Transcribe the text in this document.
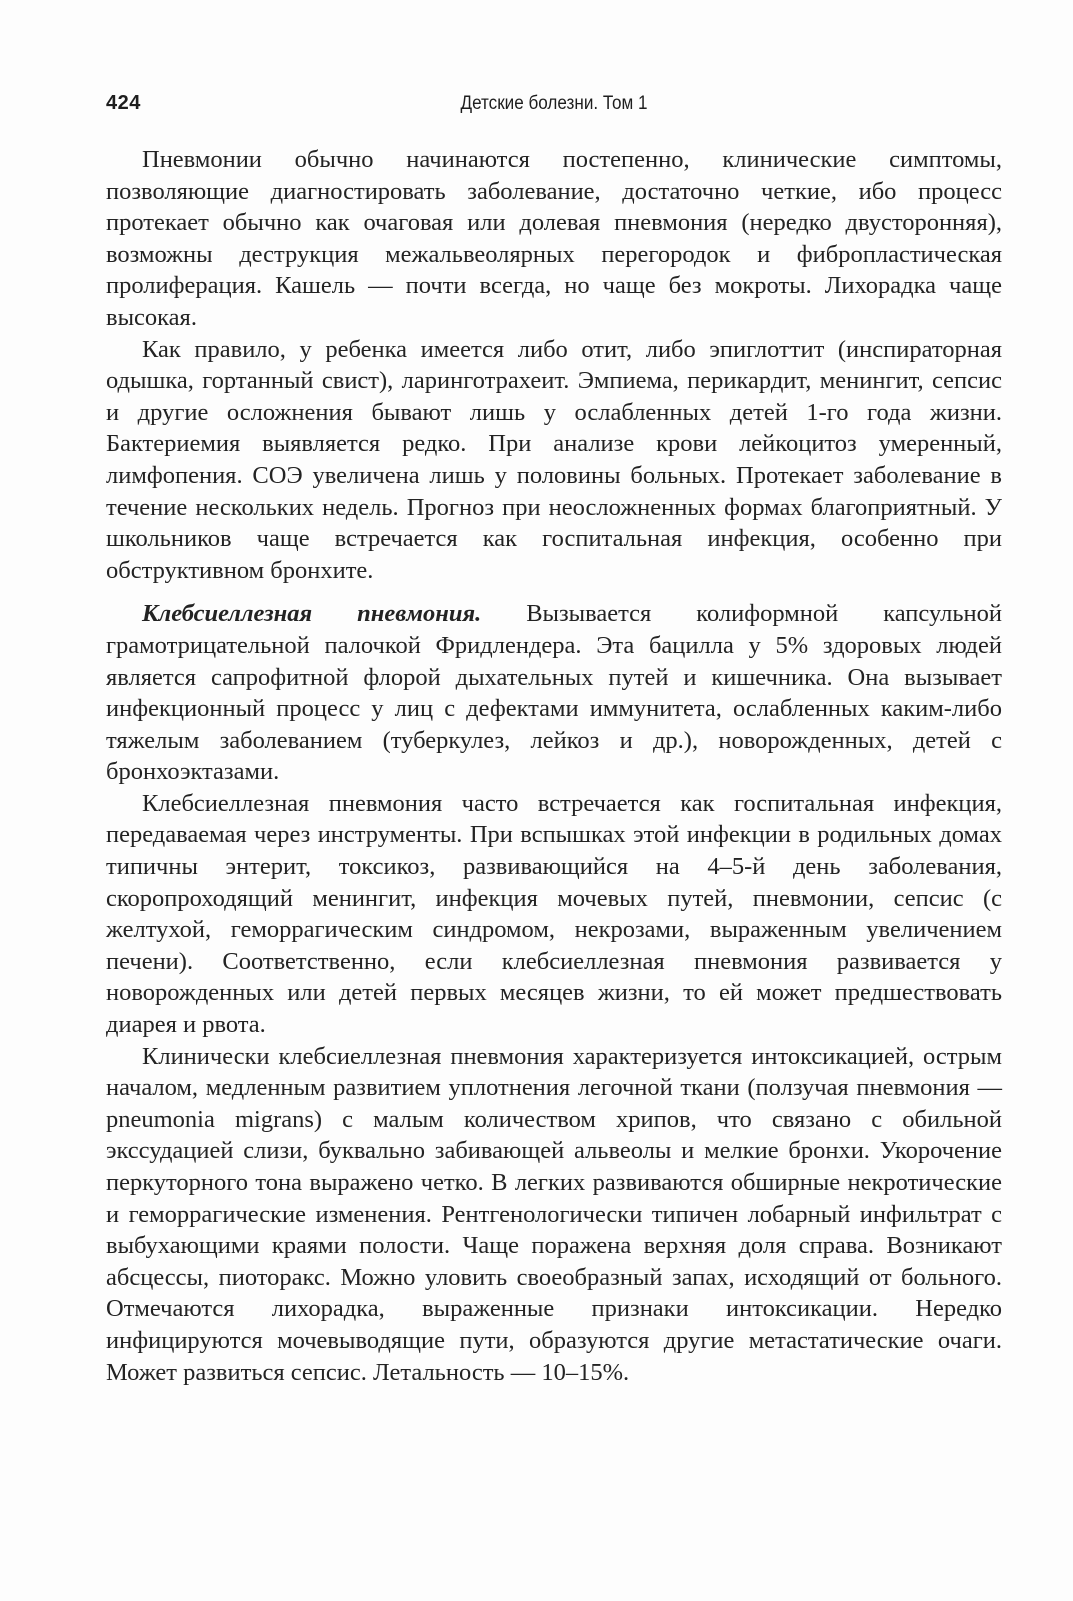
424	Детские болезни. Том 1

Пневмонии обычно начинаются постепенно, клинические симптомы, позволяющие диагностировать заболевание, достаточно четкие, ибо процесс протекает обычно как очаговая или долевая пневмония (нередко двусторонняя), возможны деструкция межальвеолярных перегородок и фибропластическая пролиферация. Кашель — почти всегда, но чаще без мокроты. Лихорадка чаще высокая.

Как правило, у ребенка имеется либо отит, либо эпиглоттит (инспираторная одышка, гортанный свист), ларинготрахеит. Эмпиема, перикардит, менингит, сепсис и другие осложнения бывают лишь у ослабленных детей 1-го года жизни. Бактериемия выявляется редко. При анализе крови лейкоцитоз умеренный, лимфопения. СОЭ увеличена лишь у половины больных. Протекает заболевание в течение нескольких недель. Прогноз при неосложненных формах благоприятный. У школьников чаще встречается как госпитальная инфекция, особенно при обструктивном бронхите.

Клебсиеллезная пневмония. Вызывается колиформной капсульной грамотрицательной палочкой Фридлендера. Эта бацилла у 5% здоровых людей является сапрофитной флорой дыхательных путей и кишечника. Она вызывает инфекционный процесс у лиц с дефектами иммунитета, ослабленных каким-либо тяжелым заболеванием (туберкулез, лейкоз и др.), новорожденных, детей с бронхоэктазами.

Клебсиеллезная пневмония часто встречается как госпитальная инфекция, передаваемая через инструменты. При вспышках этой инфекции в родильных домах типичны энтерит, токсикоз, развивающийся на 4–5-й день заболевания, скоропроходящий менингит, инфекция мочевых путей, пневмонии, сепсис (с желтухой, геморрагическим синдромом, некрозами, выраженным увеличением печени). Соответственно, если клебсиеллезная пневмония развивается у новорожденных или детей первых месяцев жизни, то ей может предшествовать диарея и рвота.

Клинически клебсиеллезная пневмония характеризуется интоксикацией, острым началом, медленным развитием уплотнения легочной ткани (ползучая пневмония — pneumonia migrans) с малым количеством хрипов, что связано с обильной экссудацией слизи, буквально забивающей альвеолы и мелкие бронхи. Укорочение перкуторного тона выражено четко. В легких развиваются обширные некротические и геморрагические изменения. Рентгенологически типичен лобарный инфильтрат с выбухающими краями полости. Чаще поражена верхняя доля справа. Возникают абсцессы, пиоторакс. Можно уловить своеобразный запах, исходящий от больного. Отмечаются лихорадка, выраженные признаки интоксикации. Нередко инфицируются мочевыводящие пути, образуются другие метастатические очаги. Может развиться сепсис. Летальность — 10–15%.
